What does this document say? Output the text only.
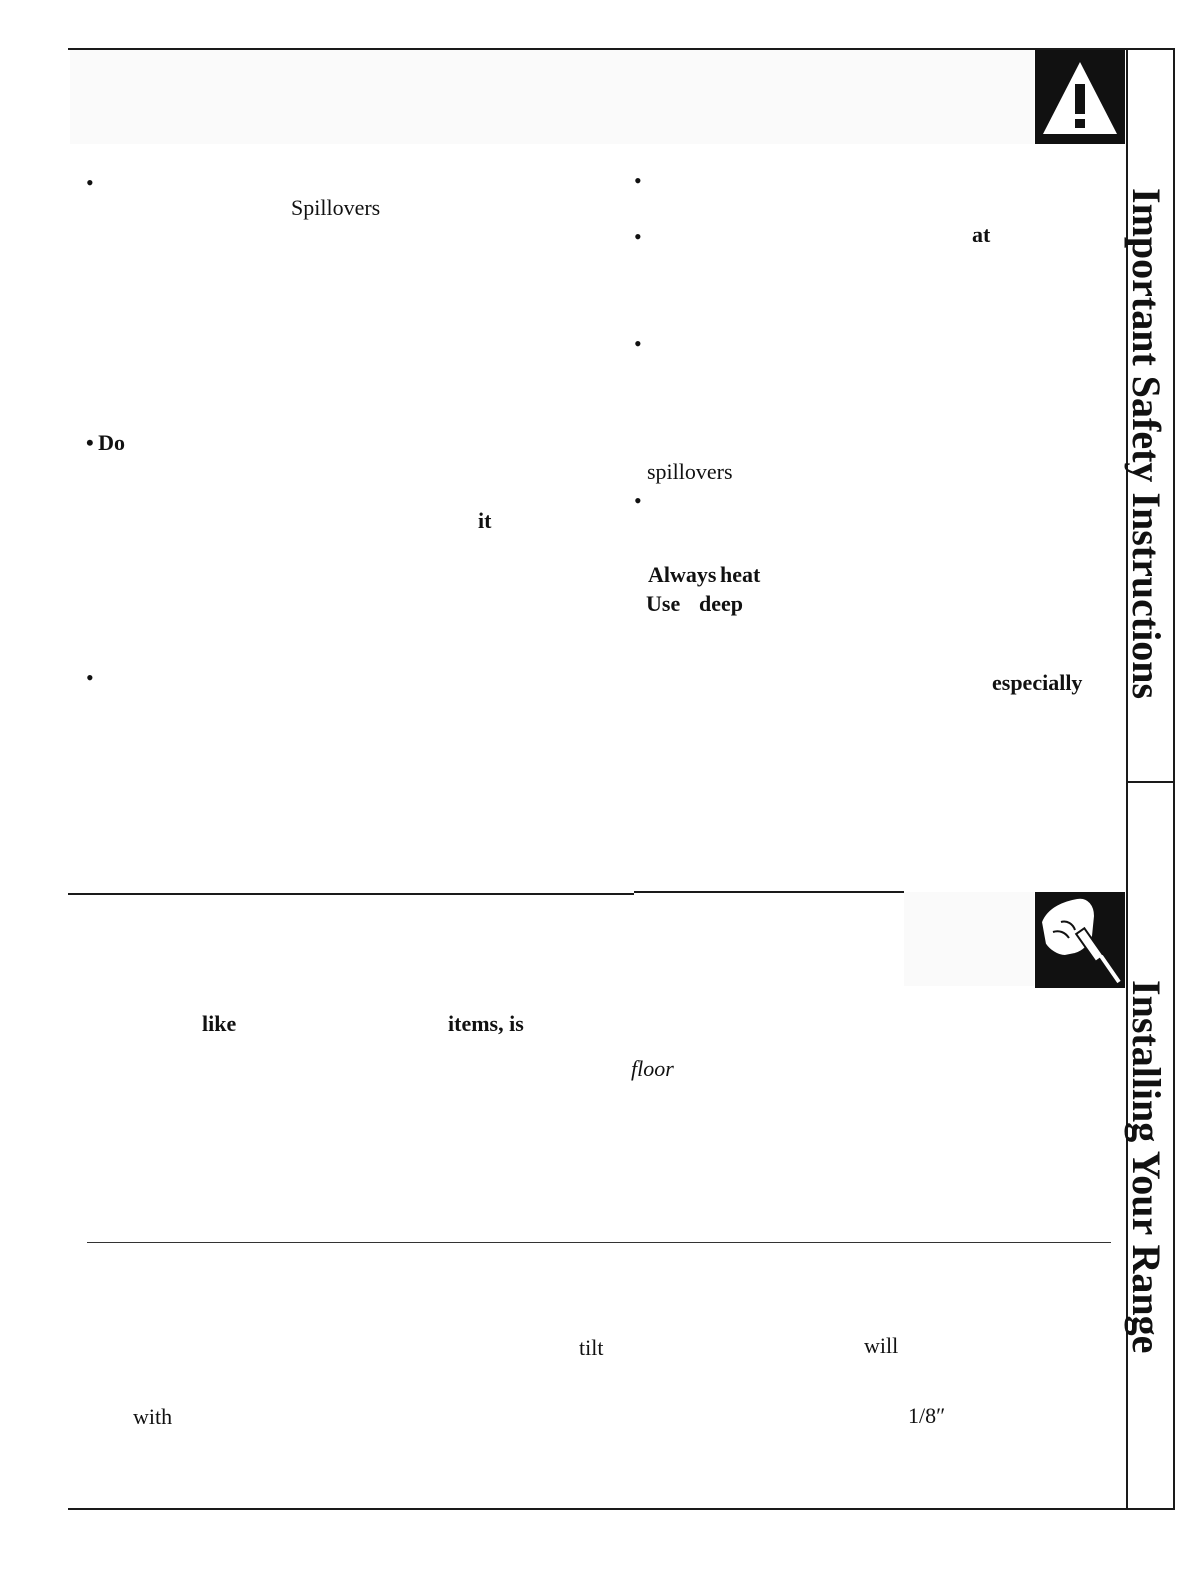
•
Spillovers
• Do
it
•
•
•	at
•
spillovers
•
Always heat
Use deep
especially
like	items, is
floor
tilt	will
with	1/8″
Important Safety Instructions
Installing Your Range
